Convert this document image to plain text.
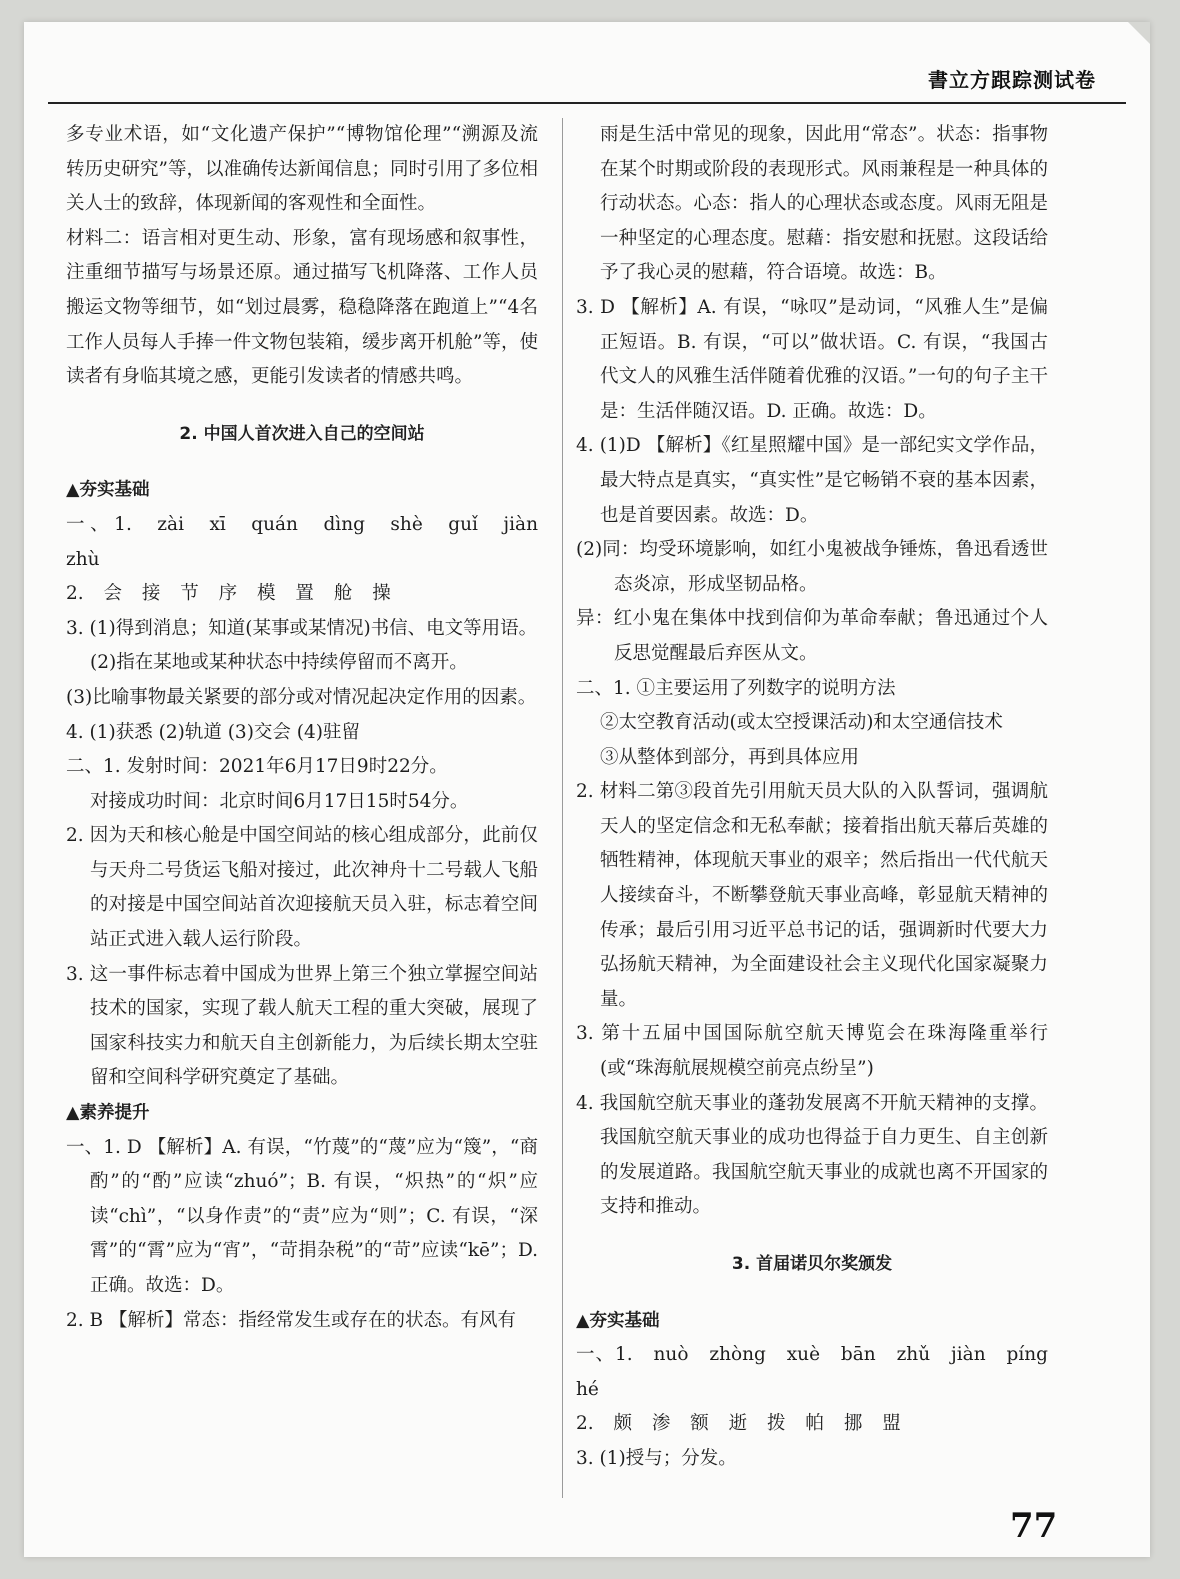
書立方跟踪测试卷
多专业术语，如“文化遗产保护”“博物馆伦理”“溯源及流转历史研究”等，以准确传达新闻信息；同时引用了多位相关人士的致辞，体现新闻的客观性和全面性。
材料二：语言相对更生动、形象，富有现场感和叙事性，注重细节描写与场景还原。通过描写飞机降落、工作人员搬运文物等细节，如“划过晨雾，稳稳降落在跑道上”“4名工作人员每人手捧一件文物包装箱，缓步离开机舱”等，使读者有身临其境之感，更能引发读者的情感共鸣。
2. 中国人首次进入自己的空间站
▲夯实基础
一、1. zài xī quán dìng shè guǐ jiàn zhù
2. 会 接 节 序 模 置 舱 操
3. (1)得到消息；知道(某事或某情况)书信、电文等用语。
(2)指在某地或某种状态中持续停留而不离开。
(3)比喻事物最关紧要的部分或对情况起决定作用的因素。
4. (1)获悉 (2)轨道 (3)交会 (4)驻留
二、1. 发射时间：2021年6月17日9时22分。
对接成功时间：北京时间6月17日15时54分。
2. 因为天和核心舱是中国空间站的核心组成部分，此前仅与天舟二号货运飞船对接过，此次神舟十二号载人飞船的对接是中国空间站首次迎接航天员入驻，标志着空间站正式进入载人运行阶段。
3. 这一事件标志着中国成为世界上第三个独立掌握空间站技术的国家，实现了载人航天工程的重大突破，展现了国家科技实力和航天自主创新能力，为后续长期太空驻留和空间科学研究奠定了基础。
▲素养提升
一、1. D 【解析】A. 有误，“竹蔑”的“蔑”应为“篾”，“商酌”的“酌”应读“zhuó”；B. 有误，“炽热”的“炽”应读“chì”，“以身作责”的“责”应为“则”；C. 有误，“深霄”的“霄”应为“宵”，“苛捐杂税”的“苛”应读“kē”；D. 正确。故选：D。
2. B 【解析】常态：指经常发生或存在的状态。有风有
雨是生活中常见的现象，因此用“常态”。状态：指事物在某个时期或阶段的表现形式。风雨兼程是一种具体的行动状态。心态：指人的心理状态或态度。风雨无阻是一种坚定的心理态度。慰藉：指安慰和抚慰。这段话给予了我心灵的慰藉，符合语境。故选：B。
3. D 【解析】A. 有误，“咏叹”是动词，“风雅人生”是偏正短语。B. 有误，“可以”做状语。C. 有误，“我国古代文人的风雅生活伴随着优雅的汉语。”一句的句子主干是：生活伴随汉语。D. 正确。故选：D。
4. (1)D 【解析】《红星照耀中国》是一部纪实文学作品，最大特点是真实，“真实性”是它畅销不衰的基本因素，也是首要因素。故选：D。
(2)同：均受环境影响，如红小鬼被战争锤炼，鲁迅看透世态炎凉，形成坚韧品格。
异：红小鬼在集体中找到信仰为革命奉献；鲁迅通过个人反思觉醒最后弃医从文。
二、1. ①主要运用了列数字的说明方法
②太空教育活动(或太空授课活动)和太空通信技术
③从整体到部分，再到具体应用
2. 材料二第③段首先引用航天员大队的入队誓词，强调航天人的坚定信念和无私奉献；接着指出航天幕后英雄的牺牲精神，体现航天事业的艰辛；然后指出一代代航天人接续奋斗，不断攀登航天事业高峰，彰显航天精神的传承；最后引用习近平总书记的话，强调新时代要大力弘扬航天精神，为全面建设社会主义现代化国家凝聚力量。
3. 第十五届中国国际航空航天博览会在珠海隆重举行(或“珠海航展规模空前亮点纷呈”)
4. 我国航空航天事业的蓬勃发展离不开航天精神的支撑。我国航空航天事业的成功也得益于自力更生、自主创新的发展道路。我国航空航天事业的成就也离不开国家的支持和推动。
3. 首届诺贝尔奖颁发
▲夯实基础
一、1. nuò zhòng xuè bān zhǔ jiàn píng hé
2. 颇 渗 额 逝 拨 帕 挪 盟
3. (1)授与；分发。
77
